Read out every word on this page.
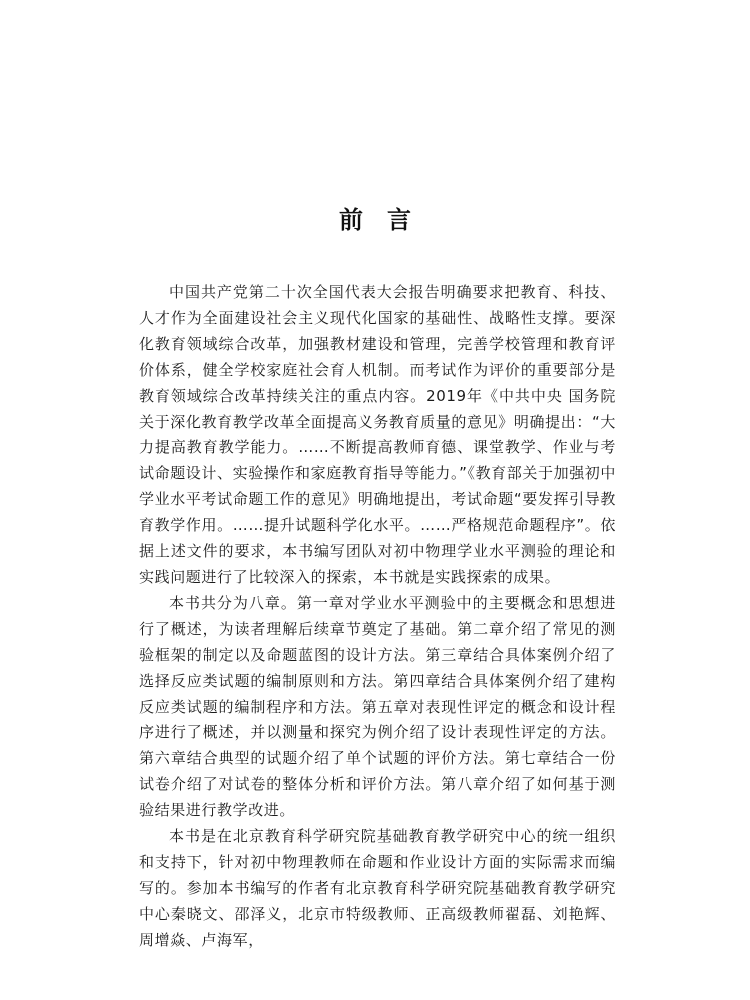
前言

中国共产党第二十次全国代表大会报告明确要求把教育、科技、人才作为全面建设社会主义现代化国家的基础性、战略性支撑。要深化教育领域综合改革，加强教材建设和管理，完善学校管理和教育评价体系，健全学校家庭社会育人机制。而考试作为评价的重要部分是教育领域综合改革持续关注的重点内容。2019年《中共中央 国务院关于深化教育教学改革全面提高义务教育质量的意见》明确提出：“大力提高教育教学能力。……不断提高教师育德、课堂教学、作业与考试命题设计、实验操作和家庭教育指导等能力。”《教育部关于加强初中学业水平考试命题工作的意见》明确地提出，考试命题“要发挥引导教育教学作用。……提升试题科学化水平。……严格规范命题程序”。依据上述文件的要求，本书编写团队对初中物理学业水平测验的理论和实践问题进行了比较深入的探索，本书就是实践探索的成果。

本书共分为八章。第一章对学业水平测验中的主要概念和思想进行了概述，为读者理解后续章节奠定了基础。第二章介绍了常见的测验框架的制定以及命题蓝图的设计方法。第三章结合具体案例介绍了选择反应类试题的编制原则和方法。第四章结合具体案例介绍了建构反应类试题的编制程序和方法。第五章对表现性评定的概念和设计程序进行了概述，并以测量和探究为例介绍了设计表现性评定的方法。第六章结合典型的试题介绍了单个试题的评价方法。第七章结合一份试卷介绍了对试卷的整体分析和评价方法。第八章介绍了如何基于测验结果进行教学改进。

本书是在北京教育科学研究院基础教育教学研究中心的统一组织和支持下，针对初中物理教师在命题和作业设计方面的实际需求而编写的。参加本书编写的作者有北京教育科学研究院基础教育教学研究中心秦晓文、邵泽义，北京市特级教师、正高级教师翟磊、刘艳辉、周增焱、卢海军，
